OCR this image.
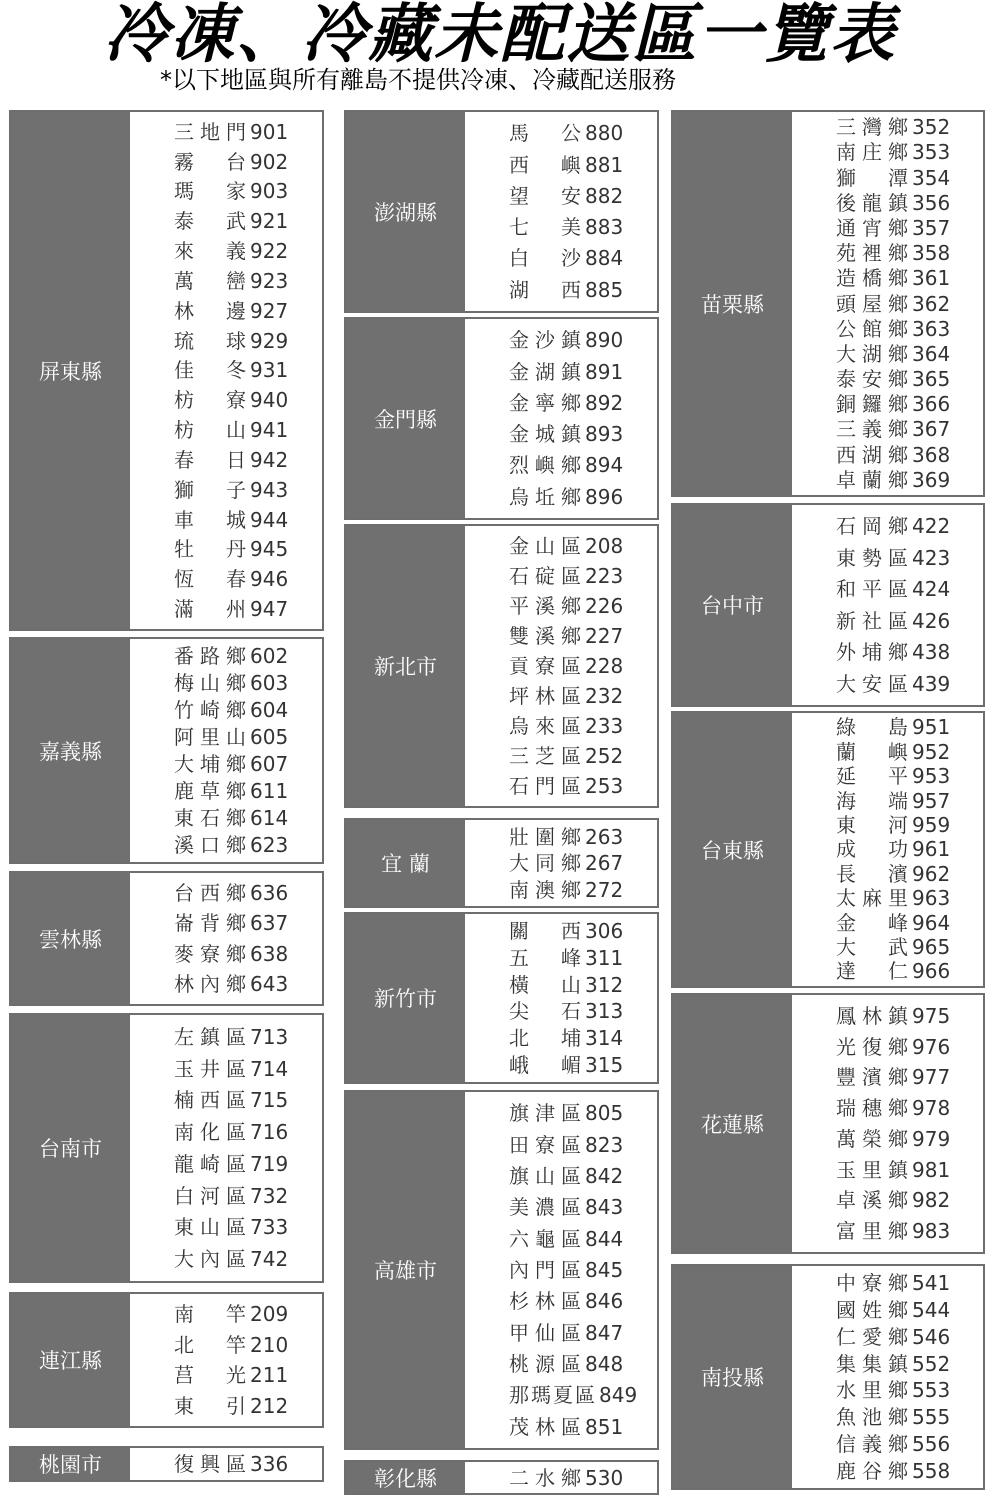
冷凍、冷藏未配送區一覽表
*以下地區與所有離島不提供冷凍、冷藏配送服務
屏東縣
三地門 901
霧台 902
瑪家 903
泰武 921
來義 922
萬巒 923
林邊 927
琉球 929
佳冬 931
枋寮 940
枋山 941
春日 942
獅子 943
車城 944
牡丹 945
恆春 946
滿州 947
嘉義縣
番路鄉 602
梅山鄉 603
竹崎鄉 604
阿里山 605
大埔鄉 607
鹿草鄉 611
東石鄉 614
溪口鄉 623
雲林縣
台西鄉 636
崙背鄉 637
麥寮鄉 638
林內鄉 643
台南市
左鎮區 713
玉井區 714
楠西區 715
南化區 716
龍崎區 719
白河區 732
東山區 733
大內區 742
連江縣
南竿 209
北竿 210
莒光 211
東引 212
桃園市	復興區 336
澎湖縣
馬公 880
西嶼 881
望安 882
七美 883
白沙 884
湖西 885
金門縣
金沙鎮 890
金湖鎮 891
金寧鄉 892
金城鎮 893
烈嶼鄉 894
烏坵鄉 896
新北市
金山區 208
石碇區 223
平溪鄉 226
雙溪鄉 227
貢寮區 228
坪林區 232
烏來區 233
三芝區 252
石門區 253
宜 蘭
壯圍鄉 263
大同鄉 267
南澳鄉 272
新竹市
關西 306
五峰 311
橫山 312
尖石 313
北埔 314
峨嵋 315
高雄市
旗津區 805
田寮區 823
旗山區 842
美濃區 843
六龜區 844
內門區 845
杉林區 846
甲仙區 847
桃源區 848
那瑪夏區 849
茂林區 851
彰化縣	二水鄉 530
苗栗縣
三灣鄉 352
南庄鄉 353
獅潭 354
後龍鎮 356
通宵鄉 357
苑裡鄉 358
造橋鄉 361
頭屋鄉 362
公館鄉 363
大湖鄉 364
泰安鄉 365
銅鑼鄉 366
三義鄉 367
西湖鄉 368
卓蘭鄉 369
台中市
石岡鄉 422
東勢區 423
和平區 424
新社區 426
外埔鄉 438
大安區 439
台東縣
綠島 951
蘭嶼 952
延平 953
海端 957
東河 959
成功 961
長濱 962
太麻里 963
金峰 964
大武 965
達仁 966
花蓮縣
鳳林鎮 975
光復鄉 976
豐濱鄉 977
瑞穗鄉 978
萬榮鄉 979
玉里鎮 981
卓溪鄉 982
富里鄉 983
南投縣
中寮鄉 541
國姓鄉 544
仁愛鄉 546
集集鎮 552
水里鄉 553
魚池鄉 555
信義鄉 556
鹿谷鄉 558
